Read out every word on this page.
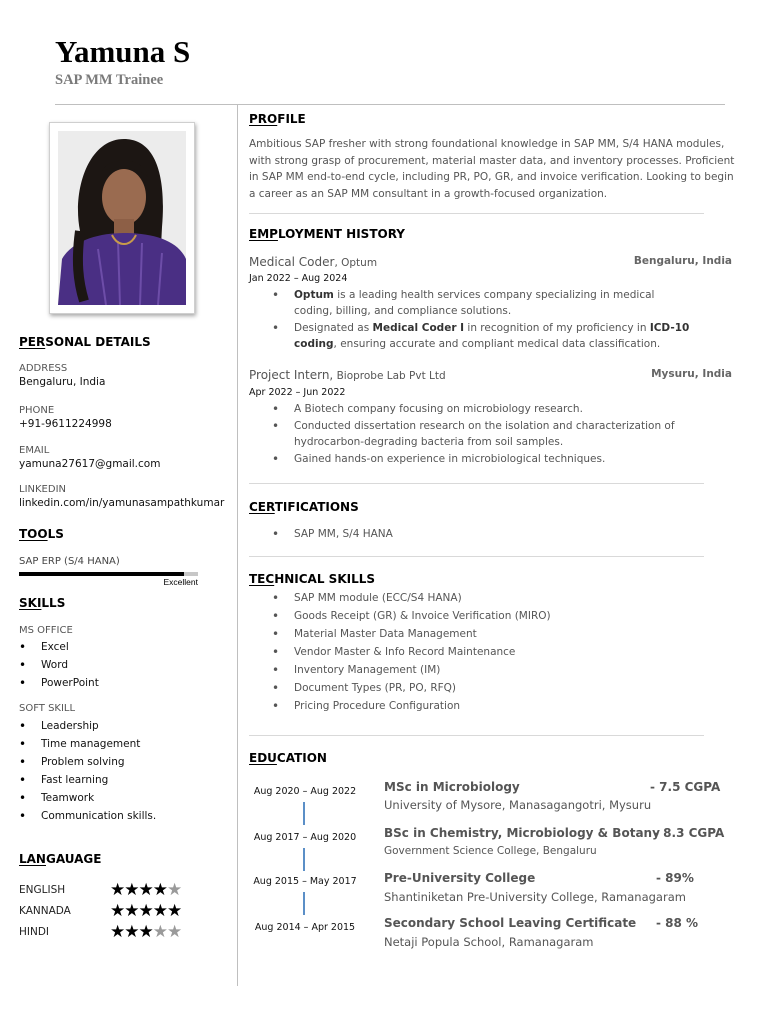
Yamuna S
SAP MM Trainee
PERSONAL DETAILS
ADDRESS
Bengaluru, India
PHONE
+91-9611224998
EMAIL
yamuna27617@gmail.com
LINKEDIN
linkedin.com/in/yamunasampathkumar
TOOLS
SAP ERP (S/4 HANA)
Excellent
SKILLS
MS OFFICE
• Excel
• Word
• PowerPoint
SOFT SKILL
• Leadership
• Time management
• Problem solving
• Fast learning
• Teamwork
• Communication skills.
LANGAUAGE
ENGLISH	★★★★★
KANNADA ★★★★★
HINDI	★★★★★
PROFILE
Ambitious SAP fresher with strong foundational knowledge in SAP MM, S/4 HANA modules, with strong grasp of procurement, material master data, and inventory processes. Proficient in SAP MM end-to-end cycle, including PR, PO, GR, and invoice verification. Looking to begin a career as an SAP MM consultant in a growth-focused organization.
EMPLOYMENT HISTORY
Medical Coder, Optum	Bengaluru, India
Jan 2022 – Aug 2024
• Optum is a leading health services company specializing in medical coding, billing, and compliance solutions.
• Designated as Medical Coder I in recognition of my proficiency in ICD-10 coding, ensuring accurate and compliant medical data classification.
Project Intern, Bioprobe Lab Pvt Ltd	Mysuru, India
Apr 2022 – Jun 2022
• A Biotech company focusing on microbiology research.
• Conducted dissertation research on the isolation and characterization of hydrocarbon-degrading bacteria from soil samples.
• Gained hands-on experience in microbiological techniques.
CERTIFICATIONS
• SAP MM, S/4 HANA
TECHNICAL SKILLS
• SAP MM module (ECC/S4 HANA)
• Goods Receipt (GR) & Invoice Verification (MIRO)
• Material Master Data Management
• Vendor Master & Info Record Maintenance
• Inventory Management (IM)
• Document Types (PR, PO, RFQ)
• Pricing Procedure Configuration
EDUCATION
Aug 2020 – Aug 2022	MSc in Microbiology	- 7.5 CGPA
University of Mysore, Manasagangotri, Mysuru
Aug 2017 – Aug 2020	BSc in Chemistry, Microbiology & Botany
- 8.3 CGPA
Government Science College, Bengaluru
Aug 2015 – May 2017	Pre-University College	- 89%
Shantiniketan Pre-University College, Ramanagaram
Aug 2014 – Apr 2015	Secondary School Leaving Certificate - 88 %
Netaji Popula School, Ramanagaram
